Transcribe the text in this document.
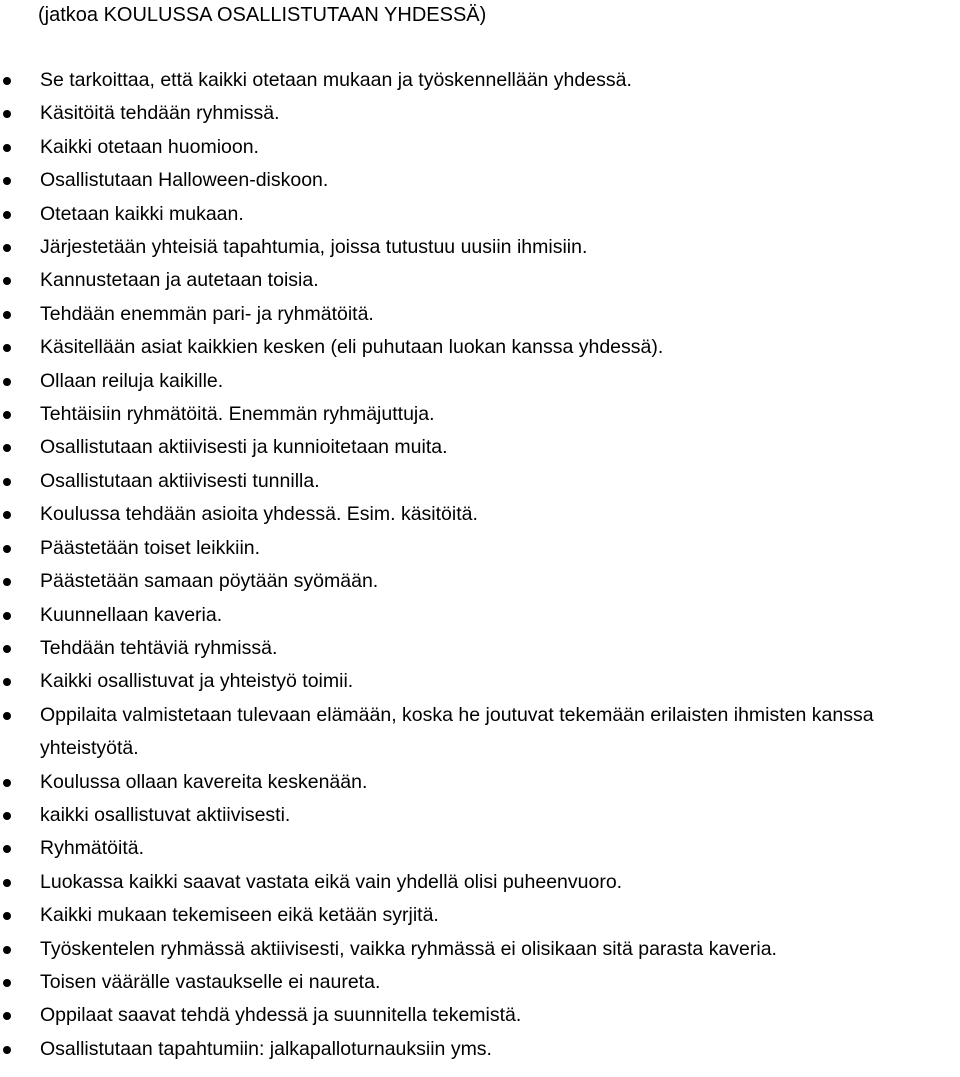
(jatkoa KOULUSSA OSALLISTUTAAN YHDESSÄ)
Se tarkoittaa, että kaikki otetaan mukaan ja työskennellään yhdessä.
Käsitöitä tehdään ryhmissä.
Kaikki otetaan huomioon.
Osallistutaan Halloween-diskoon.
Otetaan kaikki mukaan.
Järjestetään yhteisiä tapahtumia, joissa tutustuu uusiin ihmisiin.
Kannustetaan ja autetaan toisia.
Tehdään enemmän pari- ja ryhmätöitä.
Käsitellään asiat kaikkien kesken (eli puhutaan luokan kanssa yhdessä).
Ollaan reiluja kaikille.
Tehtäisiin ryhmätöitä. Enemmän ryhmäjuttuja.
Osallistutaan aktiivisesti ja kunnioitetaan muita.
Osallistutaan aktiivisesti tunnilla.
Koulussa tehdään asioita yhdessä. Esim. käsitöitä.
Päästetään toiset leikkiin.
Päästetään samaan pöytään syömään.
Kuunnellaan kaveria.
Tehdään tehtäviä ryhmissä.
Kaikki osallistuvat ja yhteistyö toimii.
Oppilaita valmistetaan tulevaan elämään, koska he joutuvat tekemään erilaisten ihmisten kanssa yhteistyötä.
Koulussa ollaan kavereita keskenään.
kaikki osallistuvat aktiivisesti.
Ryhmätöitä.
Luokassa kaikki saavat vastata eikä vain yhdellä olisi puheenvuoro.
Kaikki mukaan tekemiseen eikä ketään syrjitä.
Työskentelen ryhmässä aktiivisesti, vaikka ryhmässä ei olisikaan sitä parasta kaveria.
Toisen väärälle vastaukselle ei naureta.
Oppilaat saavat tehdä yhdessä ja suunnitella tekemistä.
Osallistutaan tapahtumiin: jalkapalloturnauksiin yms.
